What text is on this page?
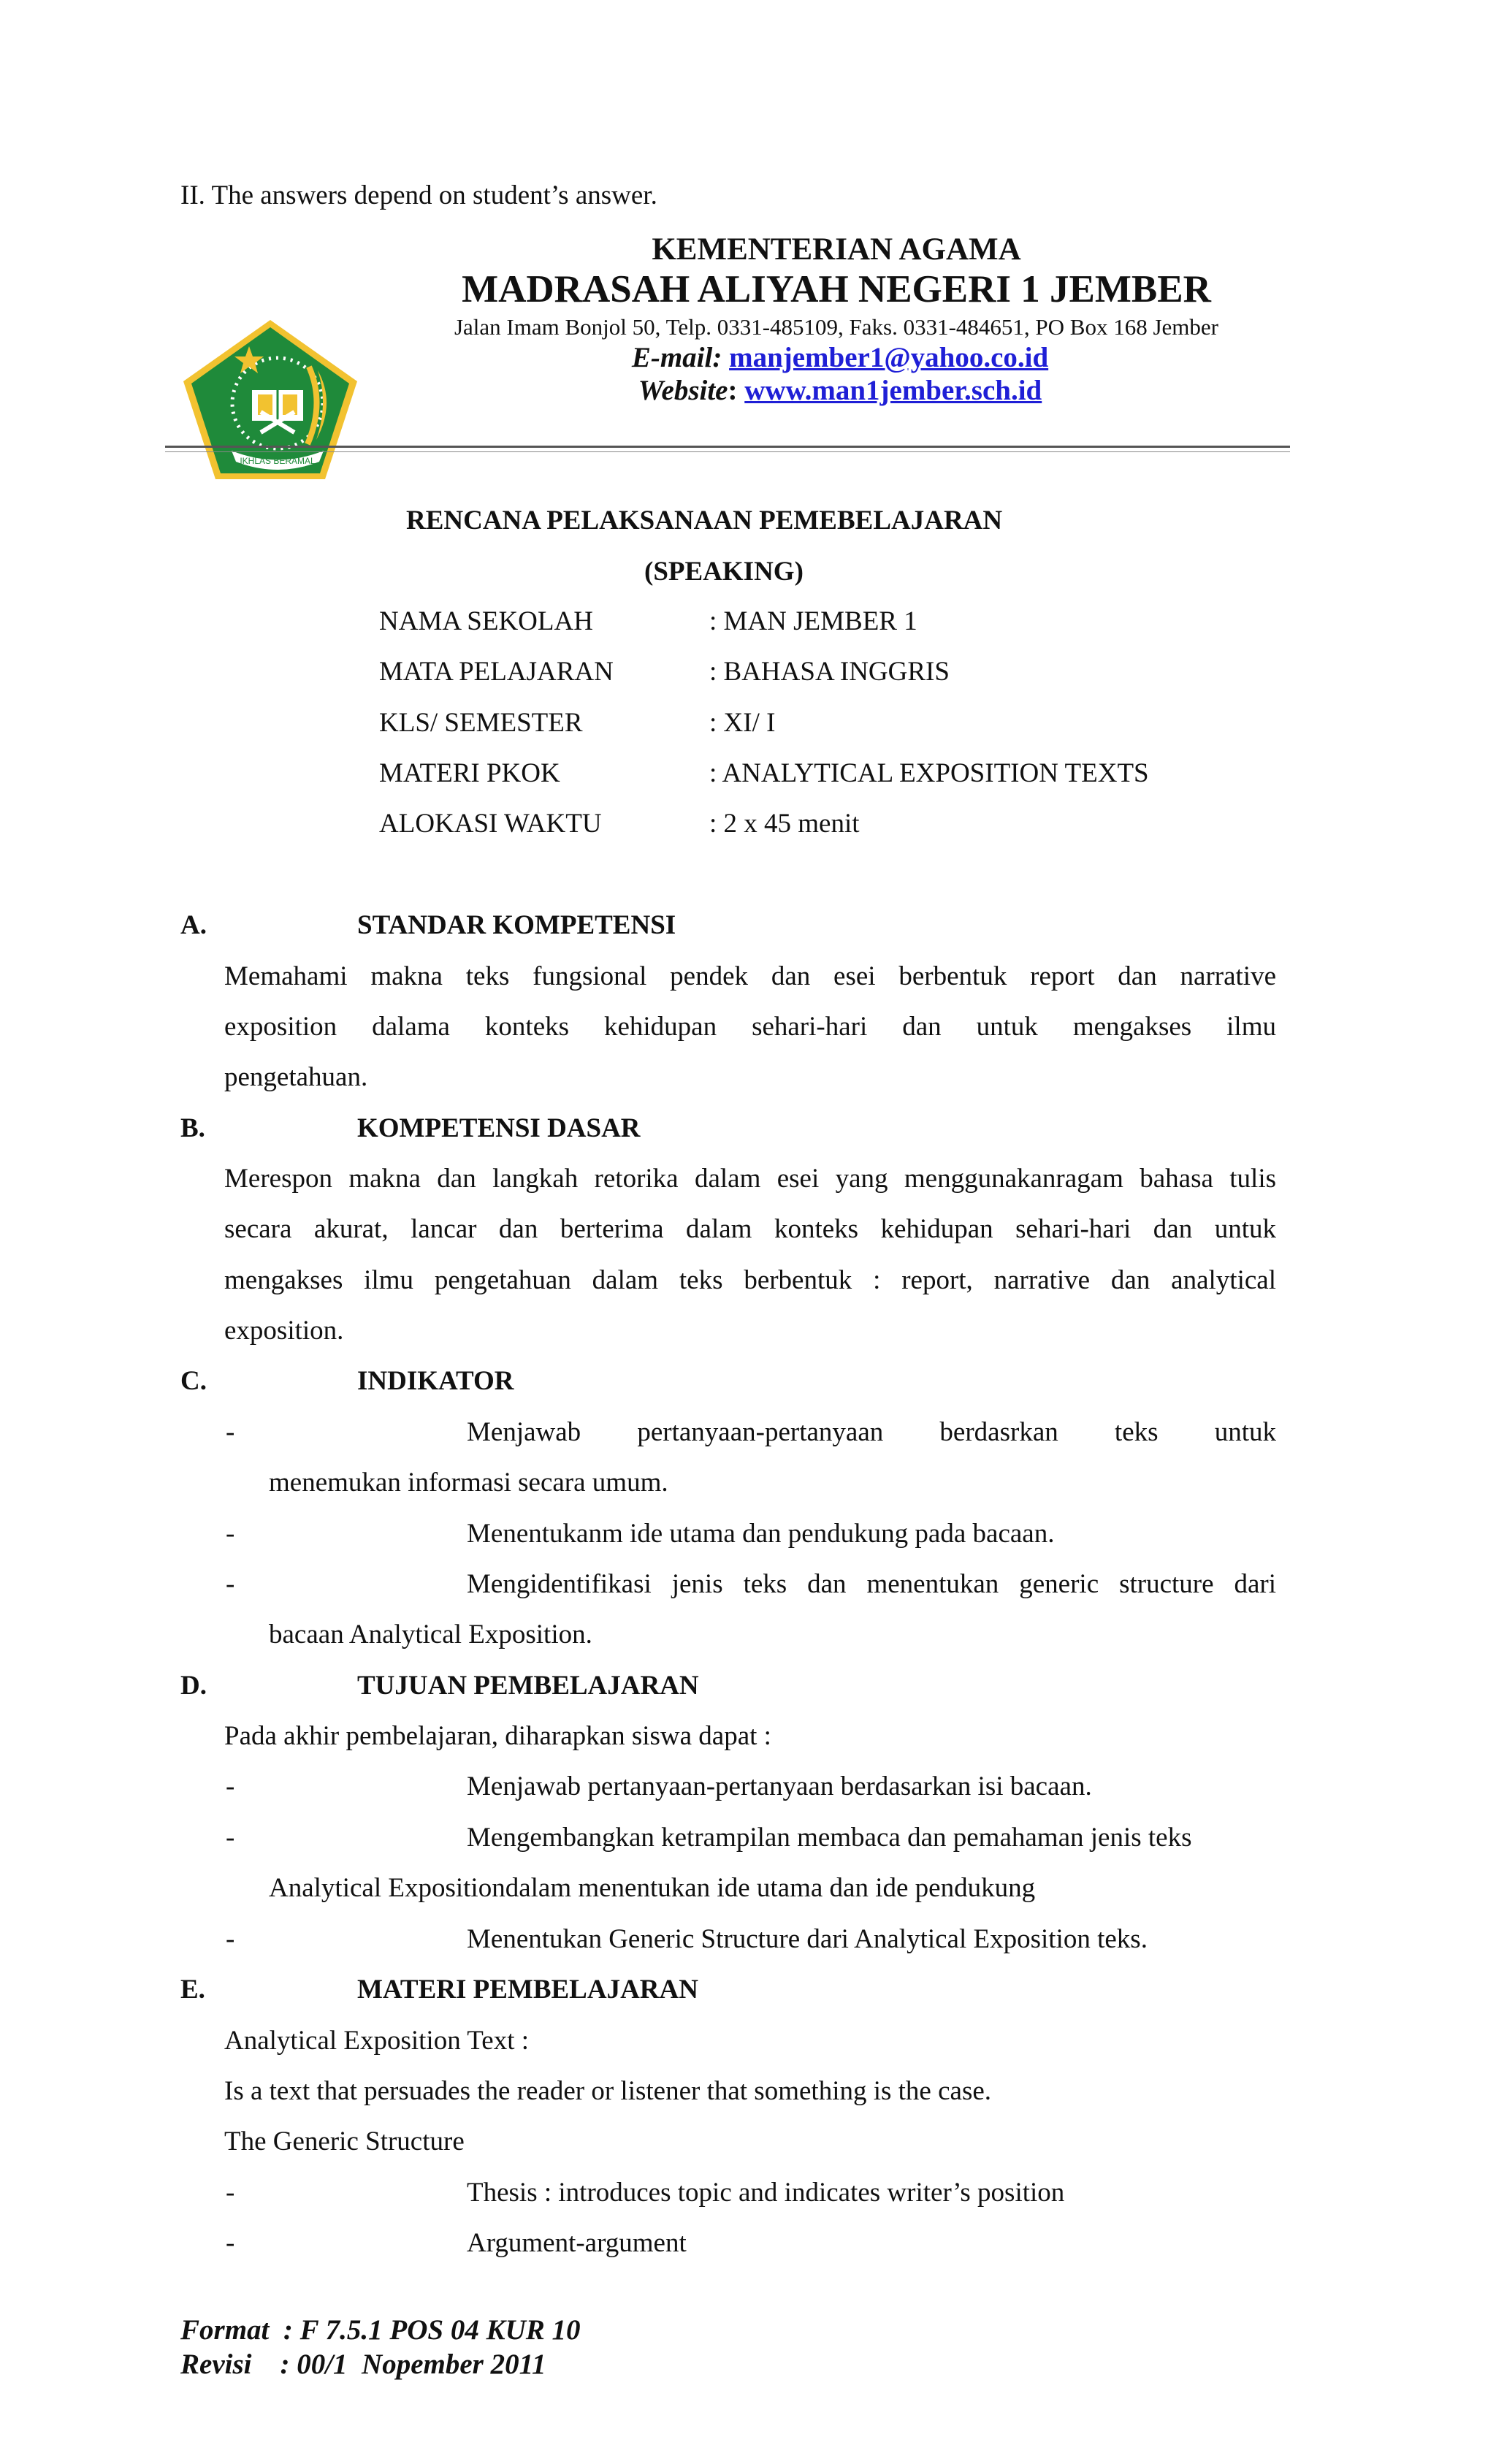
II. The answers depend on student’s answer.
KEMENTERIAN AGAMA
MADRASAH ALIYAH NEGERI 1 JEMBER
Jalan Imam Bonjol 50, Telp. 0331-485109, Faks. 0331-484651, PO Box 168 Jember
E-mail: manjember1@yahoo.co.id
Website: www.man1jember.sch.id
IKHLAS BERAMAL
RENCANA PELAKSANAAN PEMEBELAJARAN
(SPEAKING)
NAMA SEKOLAH	: MAN JEMBER 1
MATA PELAJARAN	: BAHASA INGGRIS
KLS/ SEMESTER	: XI/ I
MATERI PKOK	: ANALYTICAL EXPOSITION TEXTS
ALOKASI WAKTU	: 2 x 45 menit
A.	STANDAR KOMPETENSI
Memahami makna teks fungsional pendek dan esei berbentuk report dan narrative
exposition dalama konteks kehidupan sehari-hari dan untuk mengakses ilmu
pengetahuan.
B.	KOMPETENSI DASAR
Merespon makna dan langkah retorika dalam esei yang menggunakanragam bahasa tulis
secara akurat, lancar dan berterima dalam konteks kehidupan sehari-hari dan untuk
mengakses ilmu pengetahuan dalam teks berbentuk : report, narrative dan analytical
exposition.
C.	INDIKATOR
-	Menjawab pertanyaan-pertanyaan berdasrkan teks untuk
menemukan informasi secara umum.
-	Menentukanm ide utama dan pendukung pada bacaan.
-	Mengidentifikasi jenis teks dan menentukan generic structure dari
bacaan Analytical Exposition.
D.	TUJUAN PEMBELAJARAN
Pada akhir pembelajaran, diharapkan siswa dapat :
-	Menjawab pertanyaan-pertanyaan berdasarkan isi bacaan.
-	Mengembangkan ketrampilan membaca dan pemahaman jenis teks
Analytical Expositiondalam menentukan ide utama dan ide pendukung
-	Menentukan Generic Structure dari Analytical Exposition teks.
E.	MATERI PEMBELAJARAN
Analytical Exposition Text :
Is a text that persuades the reader or listener that something is the case.
The Generic Structure
-	Thesis : introduces topic and indicates writer’s position
-	Argument-argument
Format  : F 7.5.1 POS 04 KUR 10
Revisi    : 00/1  Nopember 2011
